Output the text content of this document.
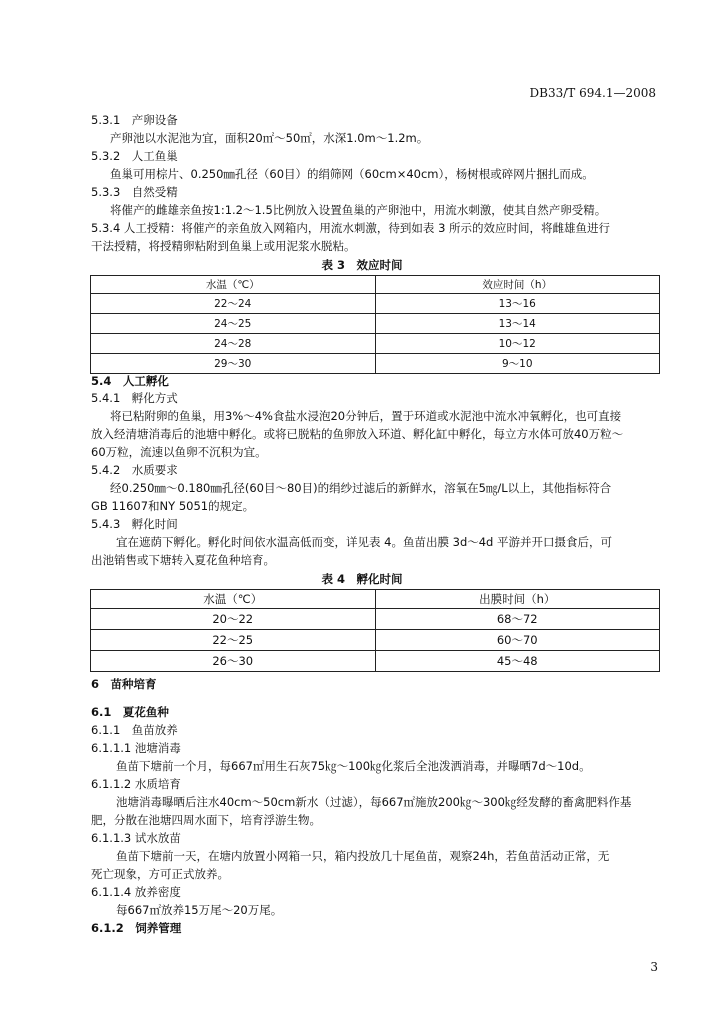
DB33/T 694.1—2008
5.3.1　产卵设备
产卵池以水泥池为宜，面积20㎡～50㎡，水深1.0m～1.2m。
5.3.2　人工鱼巢
鱼巢可用棕片、0.250㎜孔径（60目）的绢筛网（60cm×40cm），杨树根或碎网片捆扎而成。
5.3.3　自然受精
将催产的雌雄亲鱼按1:1.2～1.5比例放入设置鱼巢的产卵池中，用流水刺激，使其自然产卵受精。
5.3.4 人工授精：将催产的亲鱼放入网箱内，用流水刺激，待到如表 3 所示的效应时间，将雌雄鱼进行
干法授精，将授精卵粘附到鱼巢上或用泥浆水脱粘。
表 3　效应时间
水温（℃）	效应时间（h）
22～24	13～16
24～25	13～14
24～28	10～12
29～30	9～10
5.4　人工孵化
5.4.1　孵化方式
将已粘附卵的鱼巢，用3%～4%食盐水浸泡20分钟后，置于环道或水泥池中流水冲氧孵化，也可直接
放入经清塘消毒后的池塘中孵化。或将已脱粘的鱼卵放入环道、孵化缸中孵化，每立方水体可放40万粒～
60万粒，流速以鱼卵不沉积为宜。
5.4.2　水质要求
经0.250㎜～0.180㎜孔径(60目～80目)的绢纱过滤后的新鲜水，溶氧在5㎎/L以上，其他指标符合
GB 11607和NY 5051的规定。
5.4.3　孵化时间
宜在遮荫下孵化。孵化时间依水温高低而变，详见表 4。鱼苗出膜 3d～4d 平游并开口摄食后，可
出池销售或下塘转入夏花鱼种培育。
表 4　孵化时间
水温（℃）	出膜时间（h）
20～22	68～72
22～25	60～70
26～30	45～48
6　苗种培育
6.1　夏花鱼种
6.1.1　鱼苗放养
6.1.1.1 池塘消毒
鱼苗下塘前一个月，每667㎡用生石灰75㎏～100㎏化浆后全池泼洒消毒，并曝晒7d～10d。
6.1.1.2 水质培育
池塘消毒曝晒后注水40cm～50cm新水（过滤），每667㎡施放200㎏～300㎏经发酵的畜禽肥料作基
肥，分散在池塘四周水面下，培育浮游生物。
6.1.1.3 试水放苗
鱼苗下塘前一天，在塘内放置小网箱一只，箱内投放几十尾鱼苗，观察24h，若鱼苗活动正常，无
死亡现象，方可正式放养。
6.1.1.4 放养密度
每667㎡放养15万尾～20万尾。
6.1.2　饲养管理
3
